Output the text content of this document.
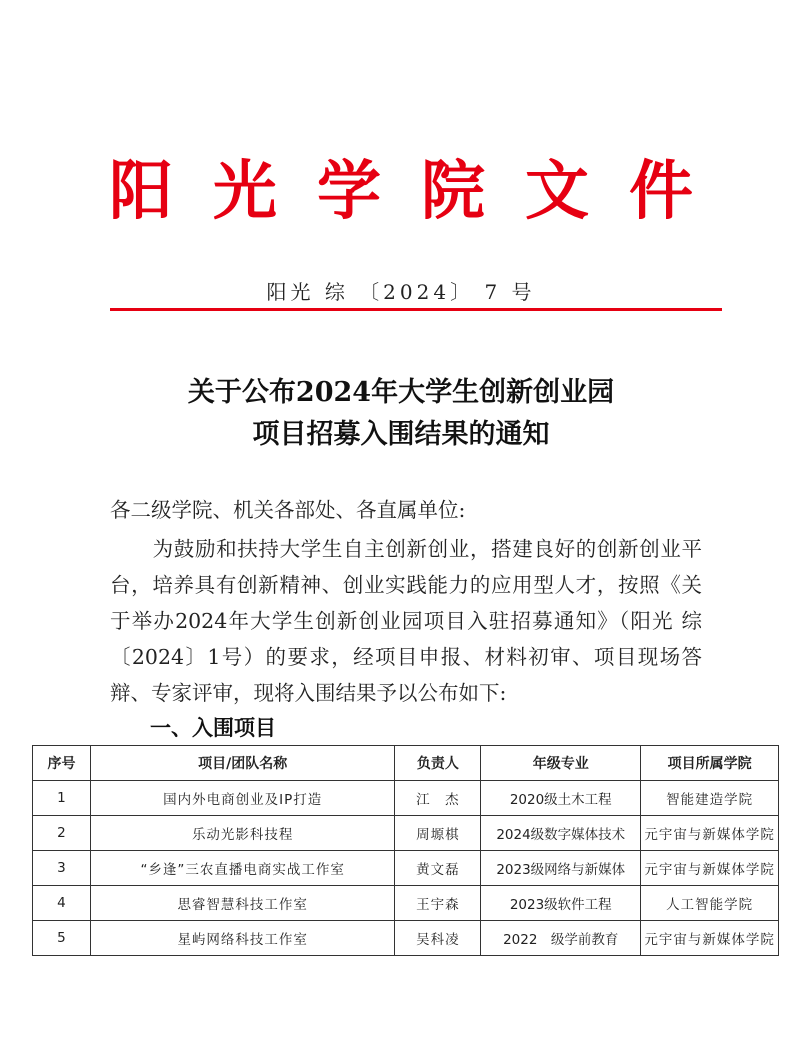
阳光学院文件
阳光 综 〔2024〕 7 号
关于公布2024年大学生创新创业园
项目招募入围结果的通知
各二级学院、机关各部处、各直属单位:
为鼓励和扶持大学生自主创新创业，搭建良好的创新创业平台，培养具有创新精神、创业实践能力的应用型人才，按照《关于举办2024年大学生创新创业园项目入驻招募通知》（阳光 综〔2024〕1号）的要求，经项目申报、材料初审、项目现场答辩、专家评审，现将入围结果予以公布如下:
一、入围项目
序号	项目/团队名称	负责人	年级专业	项目所属学院
1	国内外电商创业及IP打造	江　杰	2020级土木工程	智能建造学院
2	乐动光影科技程	周塬棋	2024级数字媒体技术	元宇宙与新媒体学院
3	“乡逢”三农直播电商实战工作室	黄文磊	2023级网络与新媒体	元宇宙与新媒体学院
4	思睿智慧科技工作室	王宇森	2023级软件工程	人工智能学院
5	星屿网络科技工作室	吴科凌	2022　级学前教育	元宇宙与新媒体学院
